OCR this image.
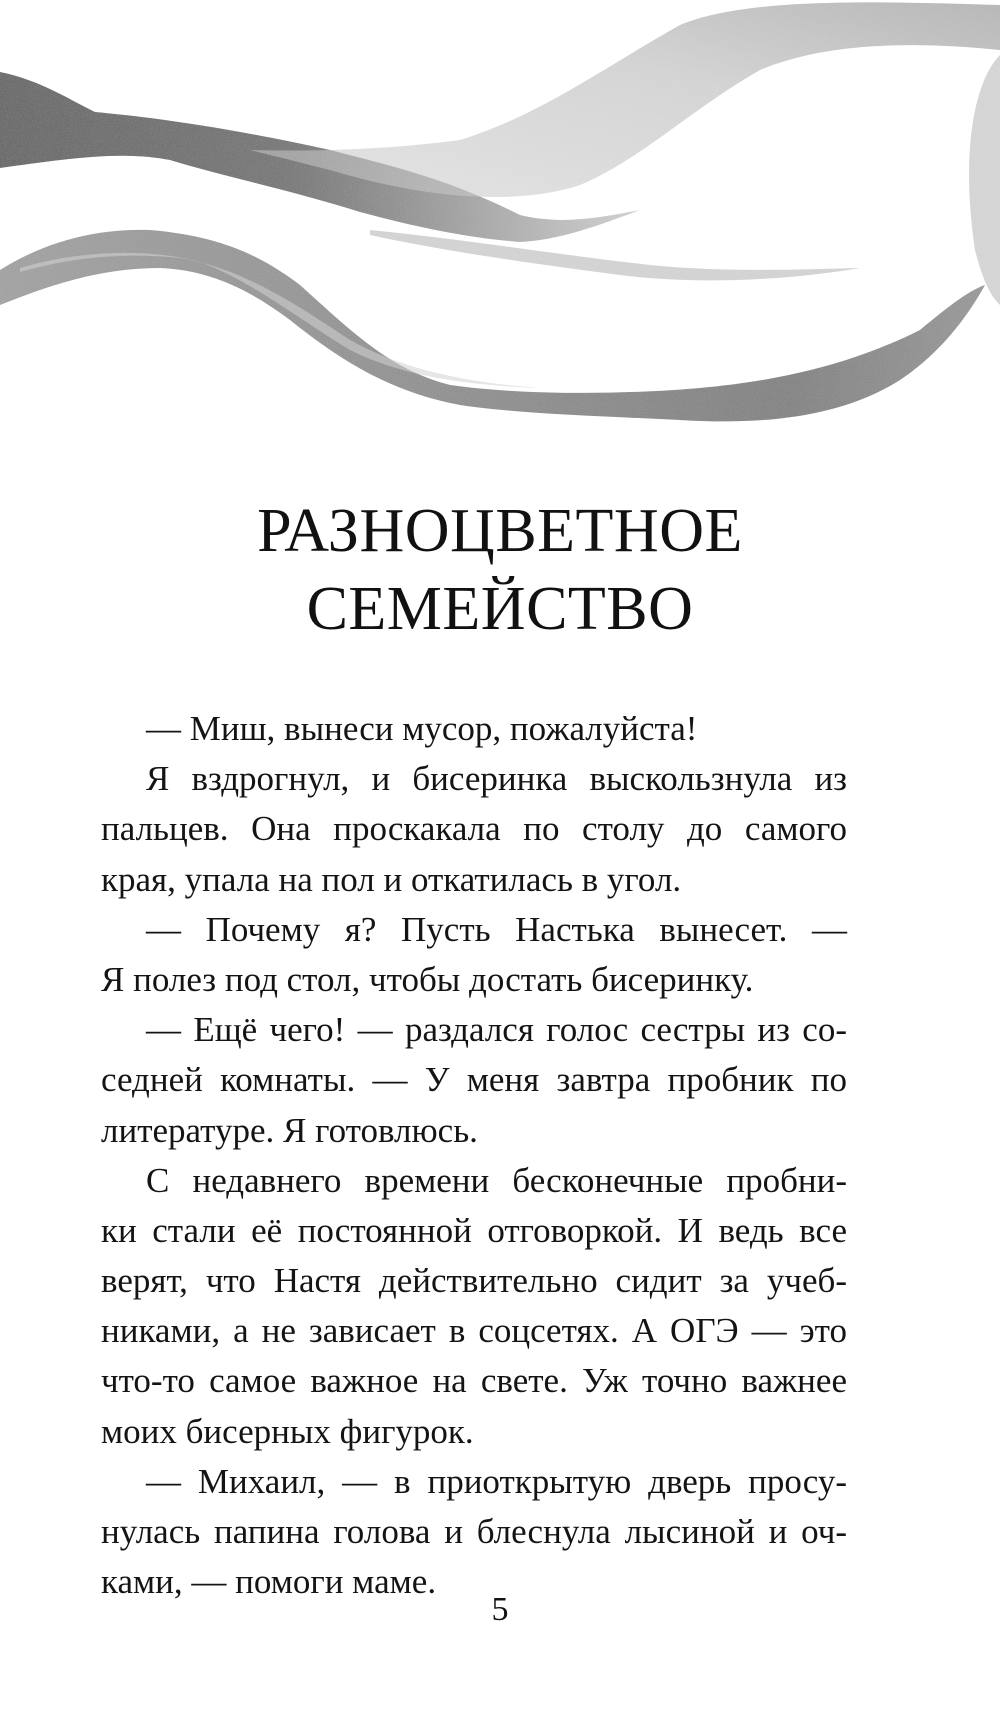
РАЗНОЦВЕТНОЕ
СЕМЕЙСТВО
— Миш, вынеси мусор, пожалуйста!
Я вздрогнул, и бисеринка выскользнула из
пальцев. Она проскакала по столу до самого
края, упала на пол и откатилась в угол.
— Почему я? Пусть Настька вынесет. —
Я полез под стол, чтобы достать бисеринку.
— Ещё чего! — раздался голос сестры из со-
седней комнаты. — У меня завтра пробник по
литературе. Я готовлюсь.
С недавнего времени бесконечные пробни-
ки стали её постоянной отговоркой. И ведь все
верят, что Настя действительно сидит за учеб-
никами, а не зависает в соцсетях. А ОГЭ — это
что-то самое важное на свете. Уж точно важнее
моих бисерных фигурок.
— Михаил, — в приоткрытую дверь просу-
нулась папина голова и блеснула лысиной и оч-
ками, — помоги маме.
5
